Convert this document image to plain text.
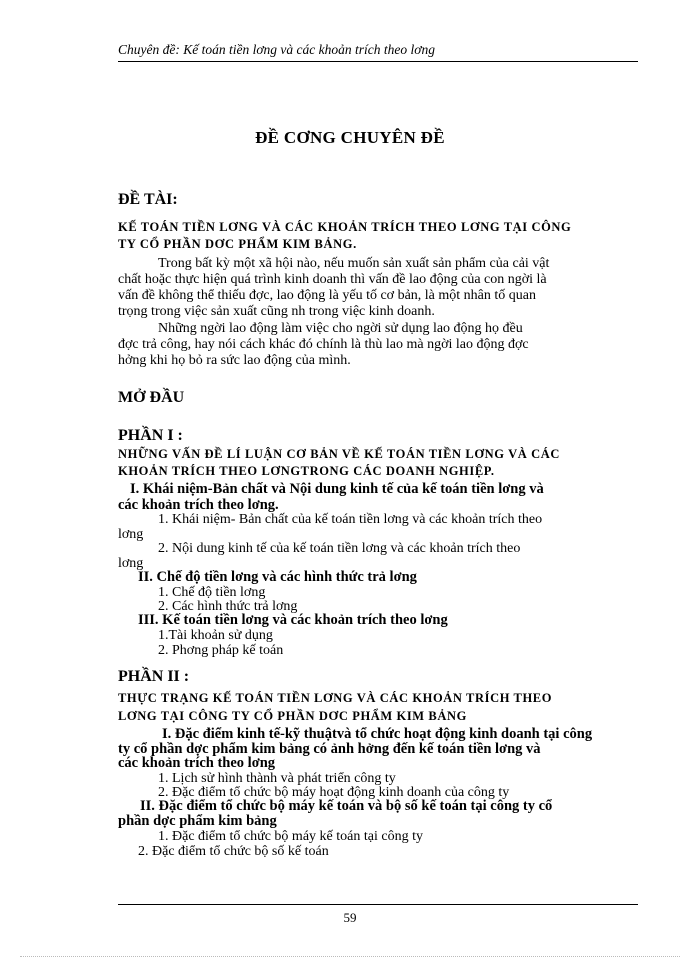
Chuyên đề: Kế toán tiền lơng và các khoản trích theo lơng
ĐỀ CƠNG CHUYÊN ĐỀ

ĐỀ TÀI:

KẾ TOÁN TIỀN LƠNG VÀ CÁC KHOẢN TRÍCH THEO LƠNG TẠI CÔNG

TY CỔ PHẦN DƠC PHẨM KIM BẢNG.

Trong bất kỳ một xã hội nào, nếu muốn sản xuất sản phẩm của cải vật

chất hoặc thực hiện quá trình kinh doanh thì vấn đề lao động của con ngời là

vấn đề không thể thiếu đợc, lao động là yếu tố cơ bản, là một nhân tố quan

trọng trong việc sản xuất cũng nh trong việc kinh doanh.

Những ngời lao động làm việc cho ngời sử dụng lao động họ đều

đợc trả công, hay nói cách khác đó chính là thù lao mà ngời lao động đợc

hởng khi họ bỏ ra sức lao động của mình.

MỞ ĐẦU

PHẦN I :

NHỮNG VẤN ĐỀ LÍ LUẬN CƠ BẢN VỀ KẾ TOÁN TIỀN LƠNG VÀ CÁC

KHOẢN TRÍCH THEO LƠNGTRONG CÁC DOANH NGHIỆP.

I. Khái niệm-Bản chất và Nội dung kinh tế của kế toán tiền lơng và

các khoản trích theo lơng.

1. Khái niệm- Bản chất của kế toán tiền lơng và các khoản trích theo

lơng

2. Nội dung kinh tế của kế toán tiền lơng và các khoản trích theo

lơng

II. Chế độ tiền lơng và các hình thức trả lơng

1. Chế độ tiền lơng

2. Các hình thức trả lơng

III. Kế toán tiền lơng và các khoản trích theo lơng

1.Tài khoản sử dụng

2. Phơng pháp kế toán

PHẦN II :

THỰC TRẠNG KẾ TOÁN TIỀN LƠNG VÀ CÁC KHOẢN TRÍCH THEO

LƠNG TẠI CÔNG TY CỔ PHẦN DƠC PHẨM KIM BẢNG

I. Đặc điểm kinh tế-kỹ thuậtvà tổ chức hoạt động kinh doanh tại công

ty cổ phần dợc phẩm kim bảng có ảnh hởng đến kế toán tiền lơng và

các khoản trích theo lơng

1. Lịch sử hình thành và phát triển công ty

2. Đặc điểm tổ chức bộ máy hoạt động kinh doanh của công ty

II. Đặc điểm tổ chức bộ máy kế toán và bộ số kế toán tại công ty cổ

phần dợc phẩm kim bảng

1. Đặc điểm tổ chức bộ máy kế toán tại công ty

2. Đặc điểm tổ chức bộ số kế toán

59
